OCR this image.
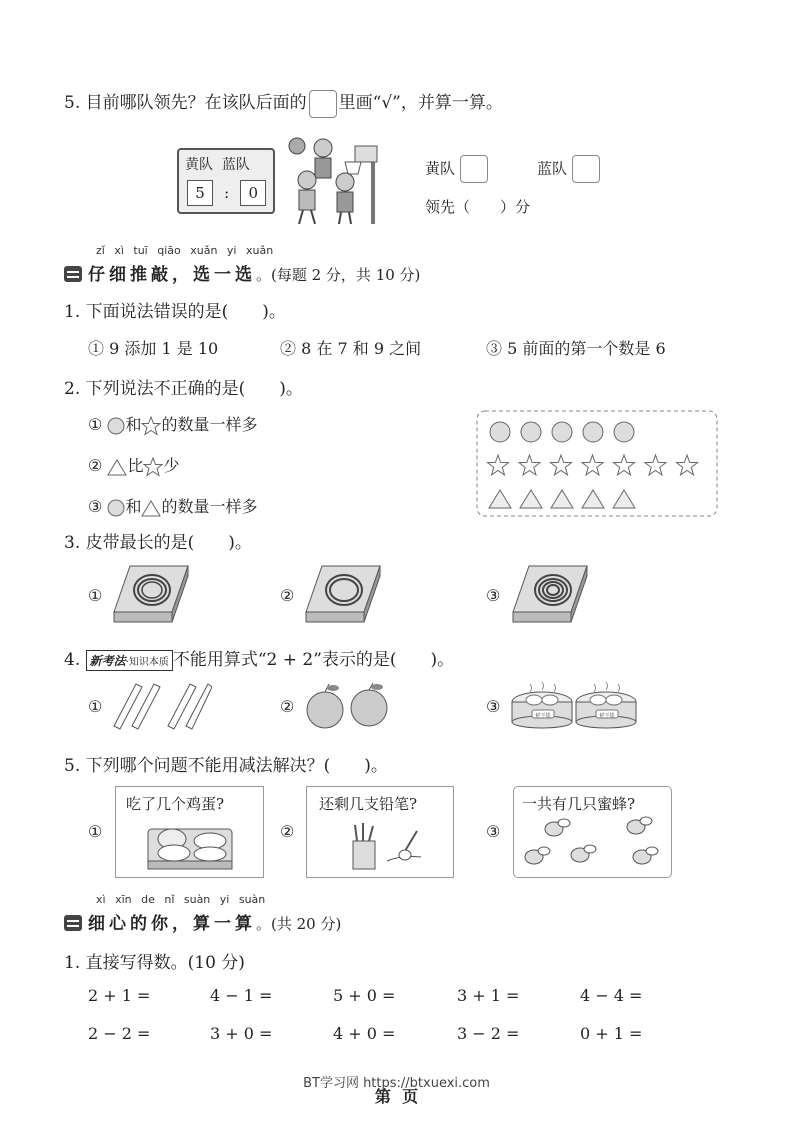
5. 目前哪队领先？在该队后面的 里画“√”，并算一算。
黄队 蓝队
5 : 0
黄队	蓝队
领先（　　）分
zǐ xì tuī qiāo xuǎn yi xuǎn
仔细推敲，选一选。(每题 2 分，共 10 分)
1. 下面说法错误的是(　　)。
① 9 添加 1 是 10	② 8 在 7 和 9 之间	③ 5 前面的第一个数是 6
2. 下列说法不正确的是(　　)。
① 和 的数量一样多
② 比 少
③ 和 的数量一样多
3. 皮带最长的是(　　)。
①	②	③
4. 新考法·知识本质 不能用算式“2 + 2”表示的是(　　)。
①	②	③	鲜不捷	鲜不捷
5. 下列哪个问题不能用减法解决？(　　)。
①
吃了几个鸡蛋?
②
还剩几支铅笔?
③
一共有几只蜜蜂?
xì xīn de nǐ suàn yi suàn
细心的你，算一算。(共 20 分)
1. 直接写得数。(10 分)
2 + 1 =	4 − 1 =	5 + 0 =	3 + 1 =	4 − 4 =
2 − 2 =	3 + 0 =	4 + 0 =	3 − 2 =	0 + 1 =
BT学习网 https://btxuexi.com
第  页
